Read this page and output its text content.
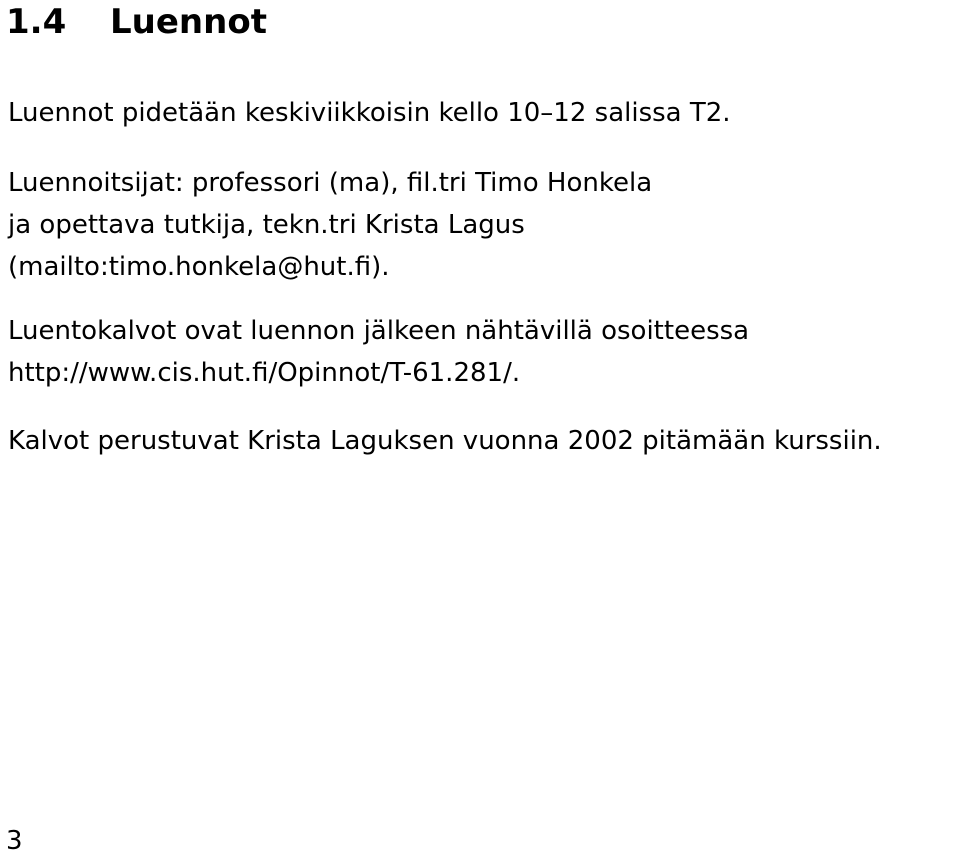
1.4 Luennot

Luennot pidetään keskiviikkoisin kello 10–12 salissa T2.

Luennoitsijat: professori (ma), fil.tri Timo Honkela
ja opettava tutkija, tekn.tri Krista Lagus
(mailto:timo.honkela@hut.fi).

Luentokalvot ovat luennon jälkeen nähtävillä osoitteessa
http://www.cis.hut.fi/Opinnot/T-61.281/.

Kalvot perustuvat Krista Laguksen vuonna 2002 pitämään kurssiin.

3
